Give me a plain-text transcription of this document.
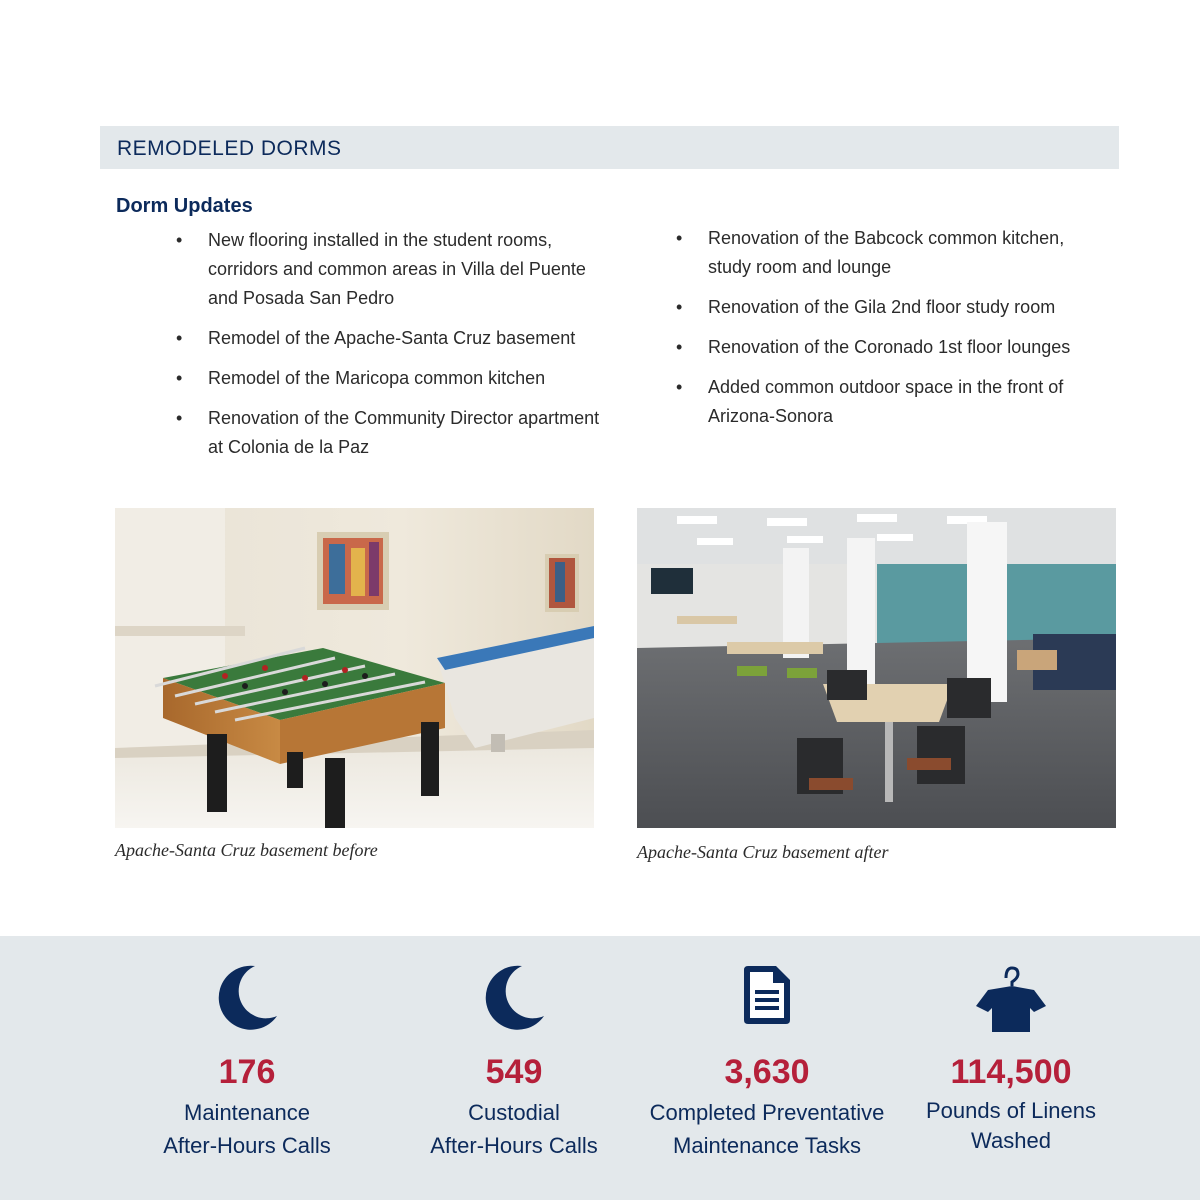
REMODELED DORMS
Dorm Updates
• New flooring installed in the student rooms, corridors and common areas in Villa del Puente and Posada San Pedro
• Remodel of the Apache-Santa Cruz basement
• Remodel of the Maricopa common kitchen
• Renovation of the Community Director apartment at Colonia de la Paz
• Renovation of the Babcock common kitchen, study room and lounge
• Renovation of the Gila 2nd floor study room
• Renovation of the Coronado 1st floor lounges
• Added common outdoor space in the front of Arizona-Sonora
Apache-Santa Cruz basement before	Apache-Santa Cruz basement after
176
Maintenance
After-Hours Calls
549
Custodial
After-Hours Calls
3,630
Completed Preventative
Maintenance Tasks
114,500
Pounds of Linens
Washed
